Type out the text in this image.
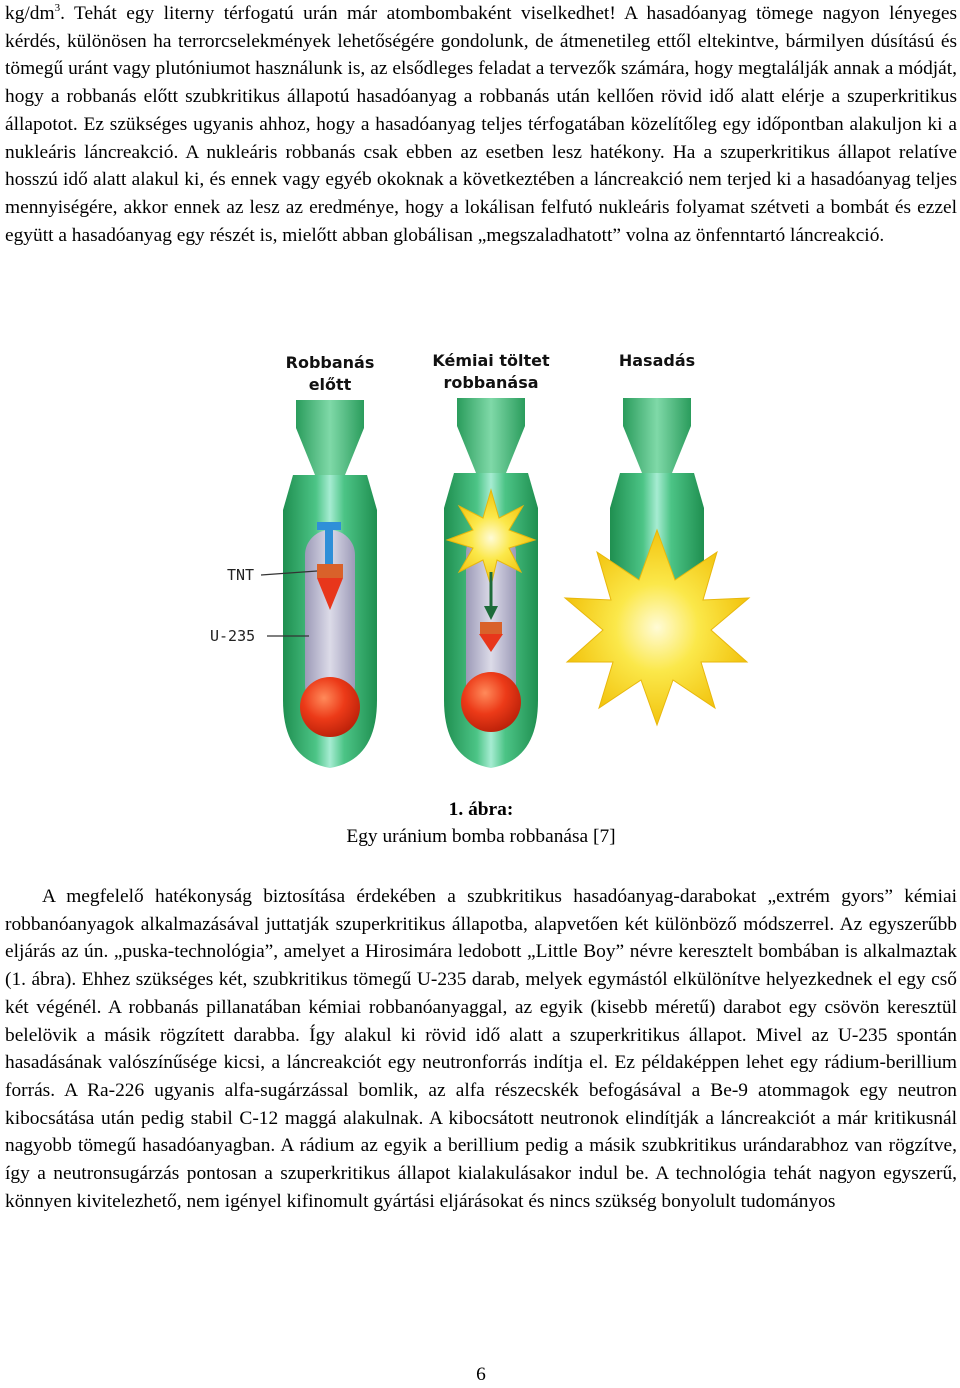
$kg/dm^3$. Tehát egy literny térfogatú urán már atombombaként viselkedhet! A hasadóanyag tömege nagyon lényeges kérdés, különösen ha terrorcselekmények lehetőségére gondolunk, de átmenetileg ettől eltekintve, bármilyen dúsítású és tömegű uránt vagy plutóniumot használunk is, az elsődleges feladat a tervezők számára, hogy megtalálják annak a módját, hogy a robbanás előtt szubkritikus állapotú hasadóanyag a robbanás után kellően rövid idő alatt elérje a szuperkritikus állapotot. Ez szükséges ugyanis ahhoz, hogy a hasadóanyag teljes térfogatában közelítőleg egy időpontban alakuljon ki a nukleáris láncreakció. A nukleáris robbanás csak ebben az esetben lesz hatékony. Ha a szuperkritikus állapot relatíve hosszú idő alatt alakul ki, és ennek vagy egyéb okoknak a következtében a láncreakció nem terjed ki a hasadóanyag teljes mennyiségére, akkor ennek az lesz az eredménye, hogy a lokálisan felfutó nukleáris folyamat szétveti a bombát és ezzel együtt a hasadóanyag egy részét is, mielőtt abban globálisan „megszaladhatott” volna az önfenntartó láncreakció.

Robbanás
előtt
Kémiai töltet
robbanása
Hasadás
TNT
U-235
1. ábra:
Egy uránium bomba robbanása [7]

A megfelelő hatékonyság biztosítása érdekében a szubkritikus hasadóanyag-darabokat „extrém gyors” kémiai robbanóanyagok alkalmazásával juttatják szuperkritikus állapotba, alapvetően két különböző módszerrel. Az egyszerűbb eljárás az ún. „puska-technológia”, amelyet a Hirosimára ledobott „Little Boy” névre keresztelt bombában is alkalmaztak (1. ábra). Ehhez szükséges két, szubkritikus tömegű U-235 darab, melyek egymástól elkülönítve helyezkednek el egy cső két végénél. A robbanás pillanatában kémiai robbanóanyaggal, az egyik (kisebb méretű) darabot egy csövön keresztül belelövik a másik rögzített darabba. Így alakul ki rövid idő alatt a szuperkritikus állapot. Mivel az U-235 spontán hasadásának valószínűsége kicsi, a láncreakciót egy neutronforrás indítja el. Ez példaképpen lehet egy rádium-berillium forrás. A Ra-226 ugyanis alfa-sugárzással bomlik, az alfa részecskék befogásával a Be-9 atommagok egy neutron kibocsátása után pedig stabil C-12 maggá alakulnak. A kibocsátott neutronok elindítják a láncreakciót a már kritikusnál nagyobb tömegű hasadóanyagban. A rádium az egyik a berillium pedig a másik szubkritikus urándarabhoz van rögzítve, így a neutronsugárzás pontosan a szuperkritikus állapot kialakulásakor indul be. A technológia tehát nagyon egyszerű, könnyen kivitelezhető, nem igényel kifinomult gyártási eljárásokat és nincs szükség bonyolult tudományos

6
